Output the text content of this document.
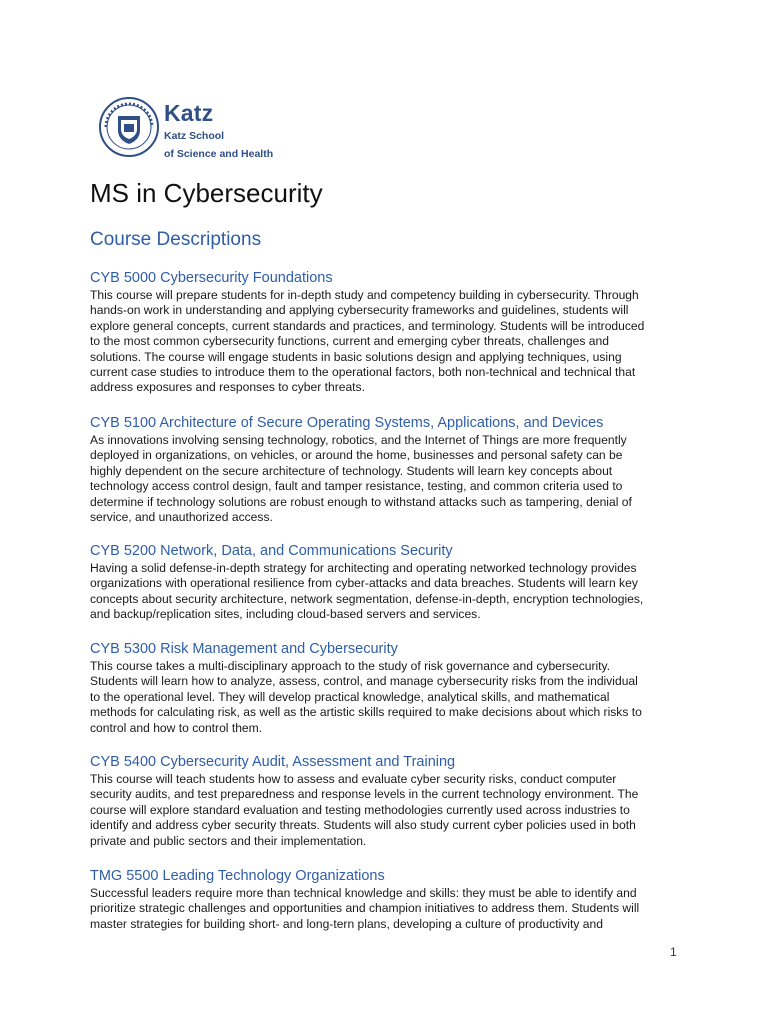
Katz
Katz School
of Science and Health
MS in Cybersecurity
Course Descriptions
CYB 5000 Cybersecurity Foundations
This course will prepare students for in-depth study and competency building in cybersecurity. Through
hands-on work in understanding and applying cybersecurity frameworks and guidelines, students will
explore general concepts, current standards and practices, and terminology. Students will be introduced
to the most common cybersecurity functions, current and emerging cyber threats, challenges and
solutions. The course will engage students in basic solutions design and applying techniques, using
current case studies to introduce them to the operational factors, both non-technical and technical that
address exposures and responses to cyber threats.
CYB 5100 Architecture of Secure Operating Systems, Applications, and Devices
As innovations involving sensing technology, robotics, and the Internet of Things are more frequently
deployed in organizations, on vehicles, or around the home, businesses and personal safety can be
highly dependent on the secure architecture of technology. Students will learn key concepts about
technology access control design, fault and tamper resistance, testing, and common criteria used to
determine if technology solutions are robust enough to withstand attacks such as tampering, denial of
service, and unauthorized access.
CYB 5200 Network, Data, and Communications Security
Having a solid defense-in-depth strategy for architecting and operating networked technology provides
organizations with operational resilience from cyber-attacks and data breaches. Students will learn key
concepts about security architecture, network segmentation, defense-in-depth, encryption technologies,
and backup/replication sites, including cloud-based servers and services.
CYB 5300 Risk Management and Cybersecurity
This course takes a multi-disciplinary approach to the study of risk governance and cybersecurity.
Students will learn how to analyze, assess, control, and manage cybersecurity risks from the individual
to the operational level. They will develop practical knowledge, analytical skills, and mathematical
methods for calculating risk, as well as the artistic skills required to make decisions about which risks to
control and how to control them.
CYB 5400 Cybersecurity Audit, Assessment and Training
This course will teach students how to assess and evaluate cyber security risks, conduct computer
security audits, and test preparedness and response levels in the current technology environment. The
course will explore standard evaluation and testing methodologies currently used across industries to
identify and address cyber security threats. Students will also study current cyber policies used in both
private and public sectors and their implementation.
TMG 5500 Leading Technology Organizations
Successful leaders require more than technical knowledge and skills: they must be able to identify and
prioritize strategic challenges and opportunities and champion initiatives to address them. Students will
master strategies for building short- and long-tern plans, developing a culture of productivity and
1
